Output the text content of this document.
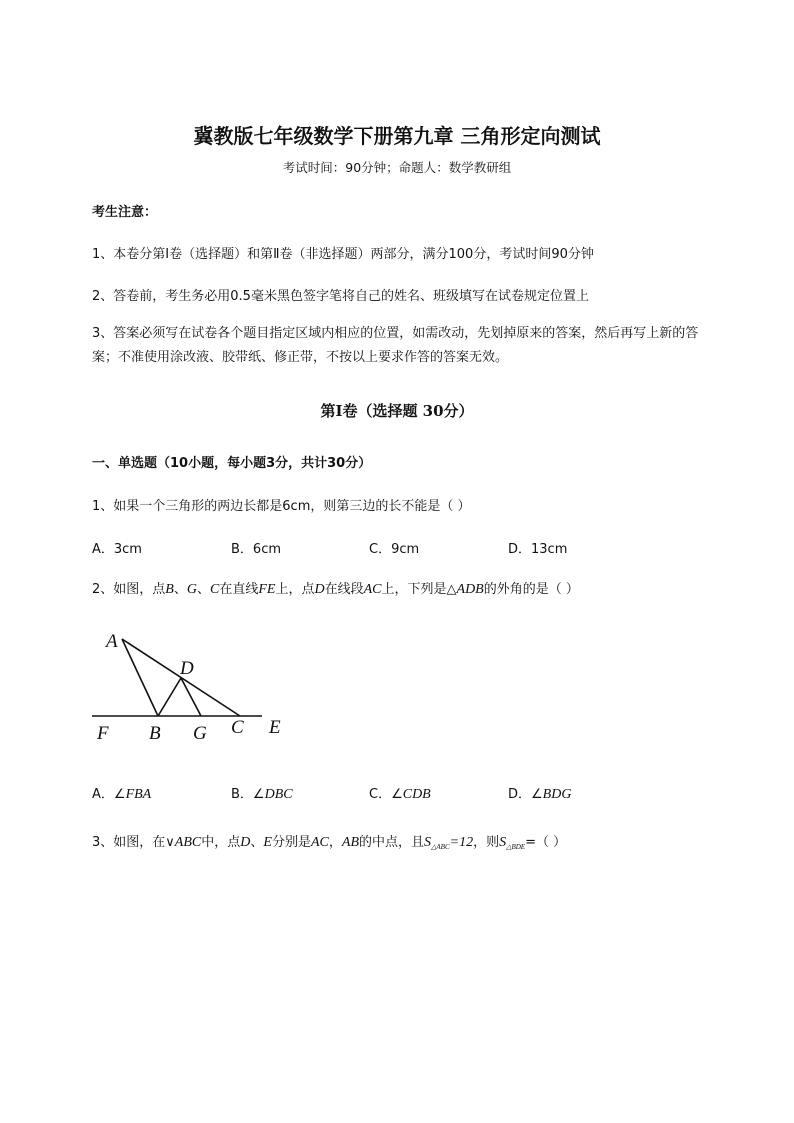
冀教版七年级数学下册第九章 三角形定向测试
考试时间：90分钟；命题人：数学教研组
考生注意：
1、本卷分第I卷（选择题）和第Ⅱ卷（非选择题）两部分，满分100分，考试时间90分钟
2、答卷前，考生务必用0.5毫米黑色签字笔将自己的姓名、班级填写在试卷规定位置上
3、答案必须写在试卷各个题目指定区域内相应的位置，如需改动，先划掉原来的答案，然后再写上新的答案；不准使用涂改液、胶带纸、修正带，不按以上要求作答的答案无效。
第I卷（选择题 30分）
一、单选题（10小题，每小题3分，共计30分）
1、如果一个三角形的两边长都是6cm，则第三边的长不能是（ ）
A．3cm	B．6cm	C．9cm	D．13cm
2、如图，点B、G、C在直线FE上，点D在线段AC上，下列是△ADB的外角的是（ ）
A
D
F B G C E
A．∠FBA	B．∠DBC	C．∠CDB	D．∠BDG
3、如图，在∨ABC中，点D、E分别是AC，AB的中点，且$S_{\triangle ABC}=12$，则$S_{\triangle BDE}=$（ ）
